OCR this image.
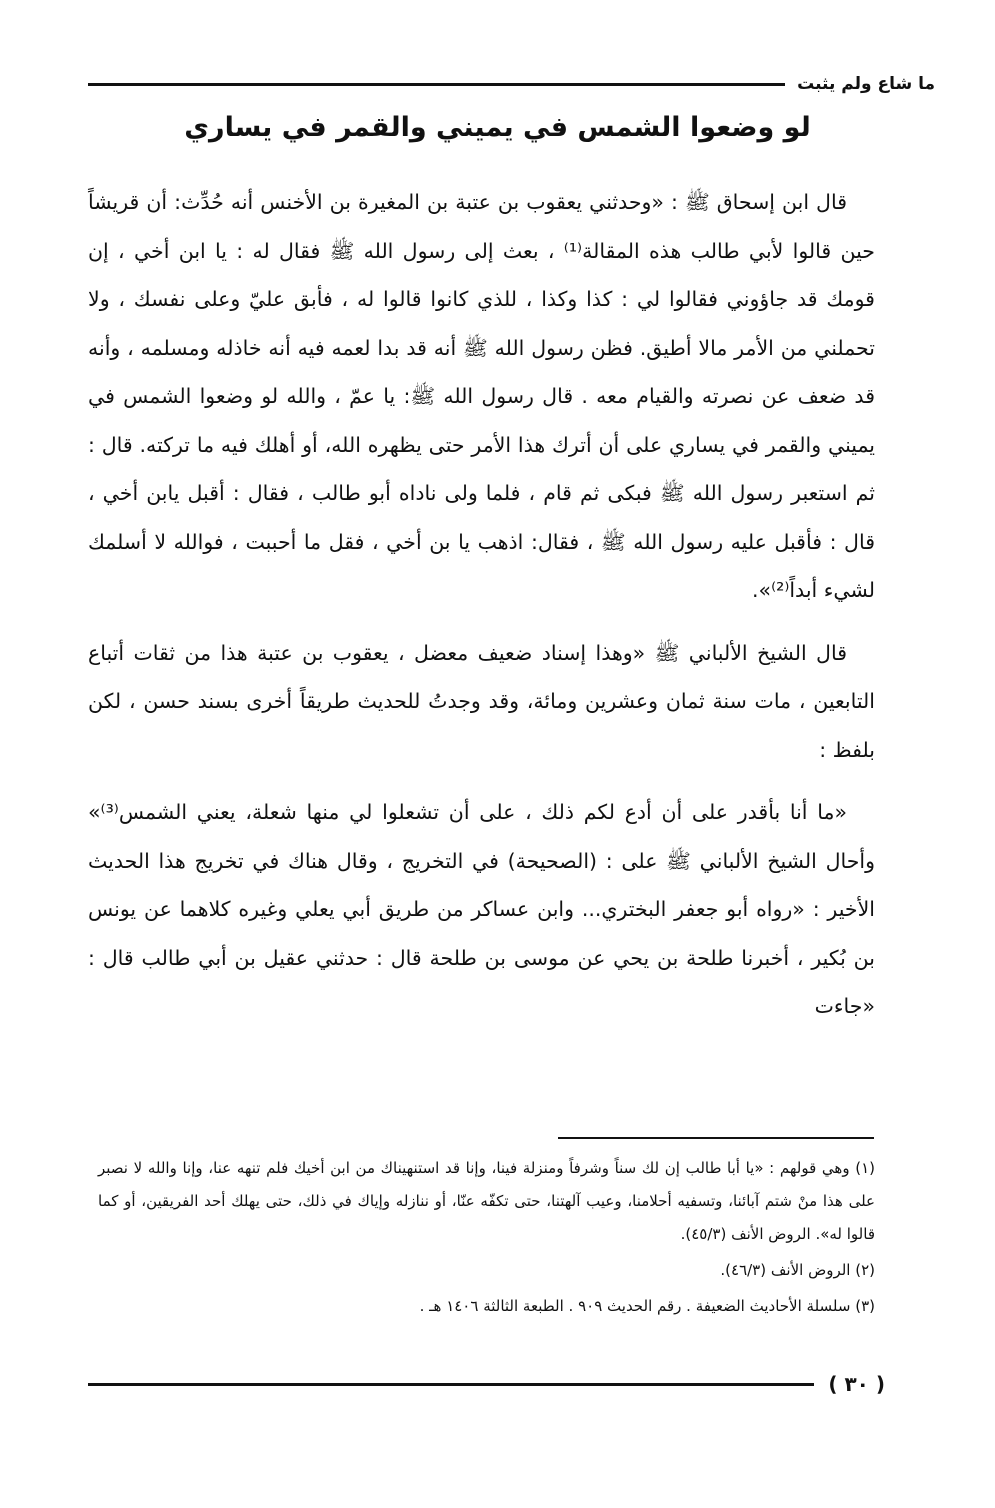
ما شاع ولم يثبت
لو وضعوا الشمس في يميني والقمر في يساري

قال ابن إسحاق ﷺ : «وحدثني يعقوب بن عتبة بن المغيرة بن الأخنس أنه حُدِّث: أن قريشاً حين قالوا لأبي طالب هذه المقالة⁽¹⁾ ، بعث إلى رسول الله ﷺ فقال له : يا ابن أخي ، إن قومك قد جاؤوني فقالوا لي : كذا وكذا ، للذي كانوا قالوا له ، فأبق عليّ وعلى نفسك ، ولا تحملني من الأمر مالا أطيق. فظن رسول الله ﷺ أنه قد بدا لعمه فيه أنه خاذله ومسلمه ، وأنه قد ضعف عن نصرته والقيام معه . قال رسول الله ﷺ: يا عمّ ، والله لو وضعوا الشمس في يميني والقمر في يساري على أن أترك هذا الأمر حتى يظهره الله، أو أهلك فيه ما تركته. قال : ثم استعبر رسول الله ﷺ فبكى ثم قام ، فلما ولى ناداه أبو طالب ، فقال : أقبل يابن أخي ، قال : فأقبل عليه رسول الله ﷺ ، فقال: اذهب يا بن أخي ، فقل ما أحببت ، فوالله لا أسلمك لشيء أبداً⁽²⁾».

قال الشيخ الألباني ﷺ «وهذا إسناد ضعيف معضل ، يعقوب بن عتبة هذا من ثقات أتباع التابعين ، مات سنة ثمان وعشرين ومائة، وقد وجدتُ للحديث طريقاً أخرى بسند حسن ، لكن بلفظ :

«ما أنا بأقدر على أن أدع لكم ذلك ، على أن تشعلوا لي منها شعلة، يعني الشمس⁽³⁾» وأحال الشيخ الألباني ﷺ على : (الصحيحة) في التخريج ، وقال هناك في تخريج هذا الحديث الأخير : «رواه أبو جعفر البختري... وابن عساكر من طريق أبي يعلي وغيره كلاهما عن يونس بن بُكير ، أخبرنا طلحة بن يحي عن موسى بن طلحة قال : حدثني عقيل بن أبي طالب قال : «جاءت

(١) وهي قولهم : «يا أبا طالب إن لك سناً وشرفاً ومنزلة فينا، وإنا قد استنهيناك من ابن أخيك فلم تنهه عنا، وإنا والله لا نصبر على هذا منْ شتم آبائنا، وتسفيه أحلامنا، وعيب آلهتنا، حتى تكفّه عنّا، أو ننازله وإياك في ذلك، حتى يهلك أحد الفريقين، أو كما قالوا له». الروض الأنف (٤٥/٣).

(٢) الروض الأنف (٤٦/٣).

(٣) سلسلة الأحاديث الضعيفة . رقم الحديث ٩٠٩ . الطبعة الثالثة ١٤٠٦ هـ .

( ٣٠ )
